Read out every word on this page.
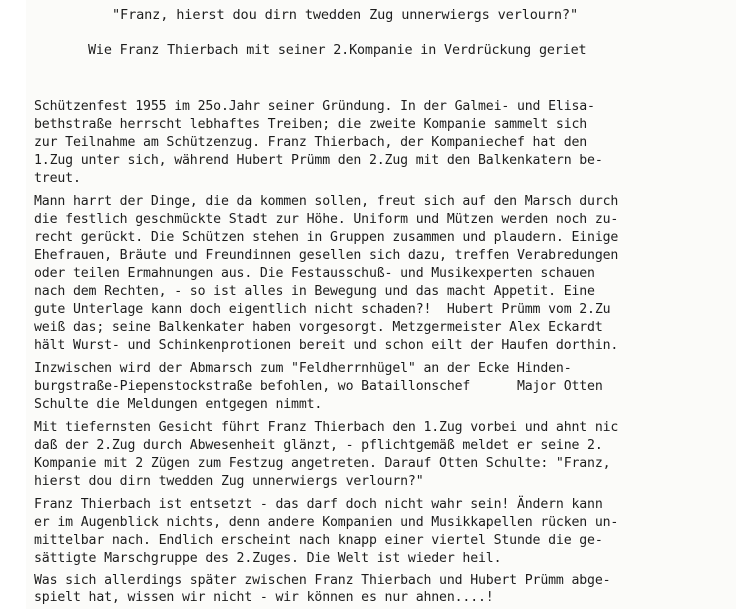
"Franz, hierst dou dirn twedden Zug unnerwiergs verlourn?"

Wie Franz Thierbach mit seiner 2.Kompanie in Verdrückung geriet

Schützenfest 1955 im 25o.Jahr seiner Gründung. In der Galmei- und Elisa-

bethstraße herrscht lebhaftes Treiben; die zweite Kompanie sammelt sich

zur Teilnahme am Schützenzug. Franz Thierbach, der Kompaniechef hat den

1.Zug unter sich, während Hubert Prümm den 2.Zug mit den Balkenkatern be-

treut.

Mann harrt der Dinge, die da kommen sollen, freut sich auf den Marsch durch

die festlich geschmückte Stadt zur Höhe. Uniform und Mützen werden noch zu-

recht gerückt. Die Schützen stehen in Gruppen zusammen und plaudern. Einige

Ehefrauen, Bräute und Freundinnen gesellen sich dazu, treffen Verabredungen

oder teilen Ermahnungen aus. Die Festausschuß- und Musikexperten schauen

nach dem Rechten, - so ist alles in Bewegung und das macht Appetit. Eine

gute Unterlage kann doch eigentlich nicht schaden?!  Hubert Prümm vom 2.Zu

weiß das; seine Balkenkater haben vorgesorgt. Metzgermeister Alex Eckardt

hält Wurst- und Schinkenprotionen bereit und schon eilt der Haufen dorthin.

Inzwischen wird der Abmarsch zum "Feldherrnhügel" an der Ecke Hinden-

burgstraße-Piepenstockstraße befohlen, wo Bataillonschef      Major Otten

Schulte die Meldungen entgegen nimmt.

Mit tiefernsten Gesicht führt Franz Thierbach den 1.Zug vorbei und ahnt nic

daß der 2.Zug durch Abwesenheit glänzt, - pflichtgemäß meldet er seine 2.

Kompanie mit 2 Zügen zum Festzug angetreten. Darauf Otten Schulte: "Franz,

hierst dou dirn twedden Zug unnerwiergs verlourn?"

Franz Thierbach ist entsetzt - das darf doch nicht wahr sein! Ändern kann

er im Augenblick nichts, denn andere Kompanien und Musikkapellen rücken un-

mittelbar nach. Endlich erscheint nach knapp einer viertel Stunde die ge-

sättigte Marschgruppe des 2.Zuges. Die Welt ist wieder heil.

Was sich allerdings später zwischen Franz Thierbach und Hubert Prümm abge-

spielt hat, wissen wir nicht - wir können es nur ahnen....!
